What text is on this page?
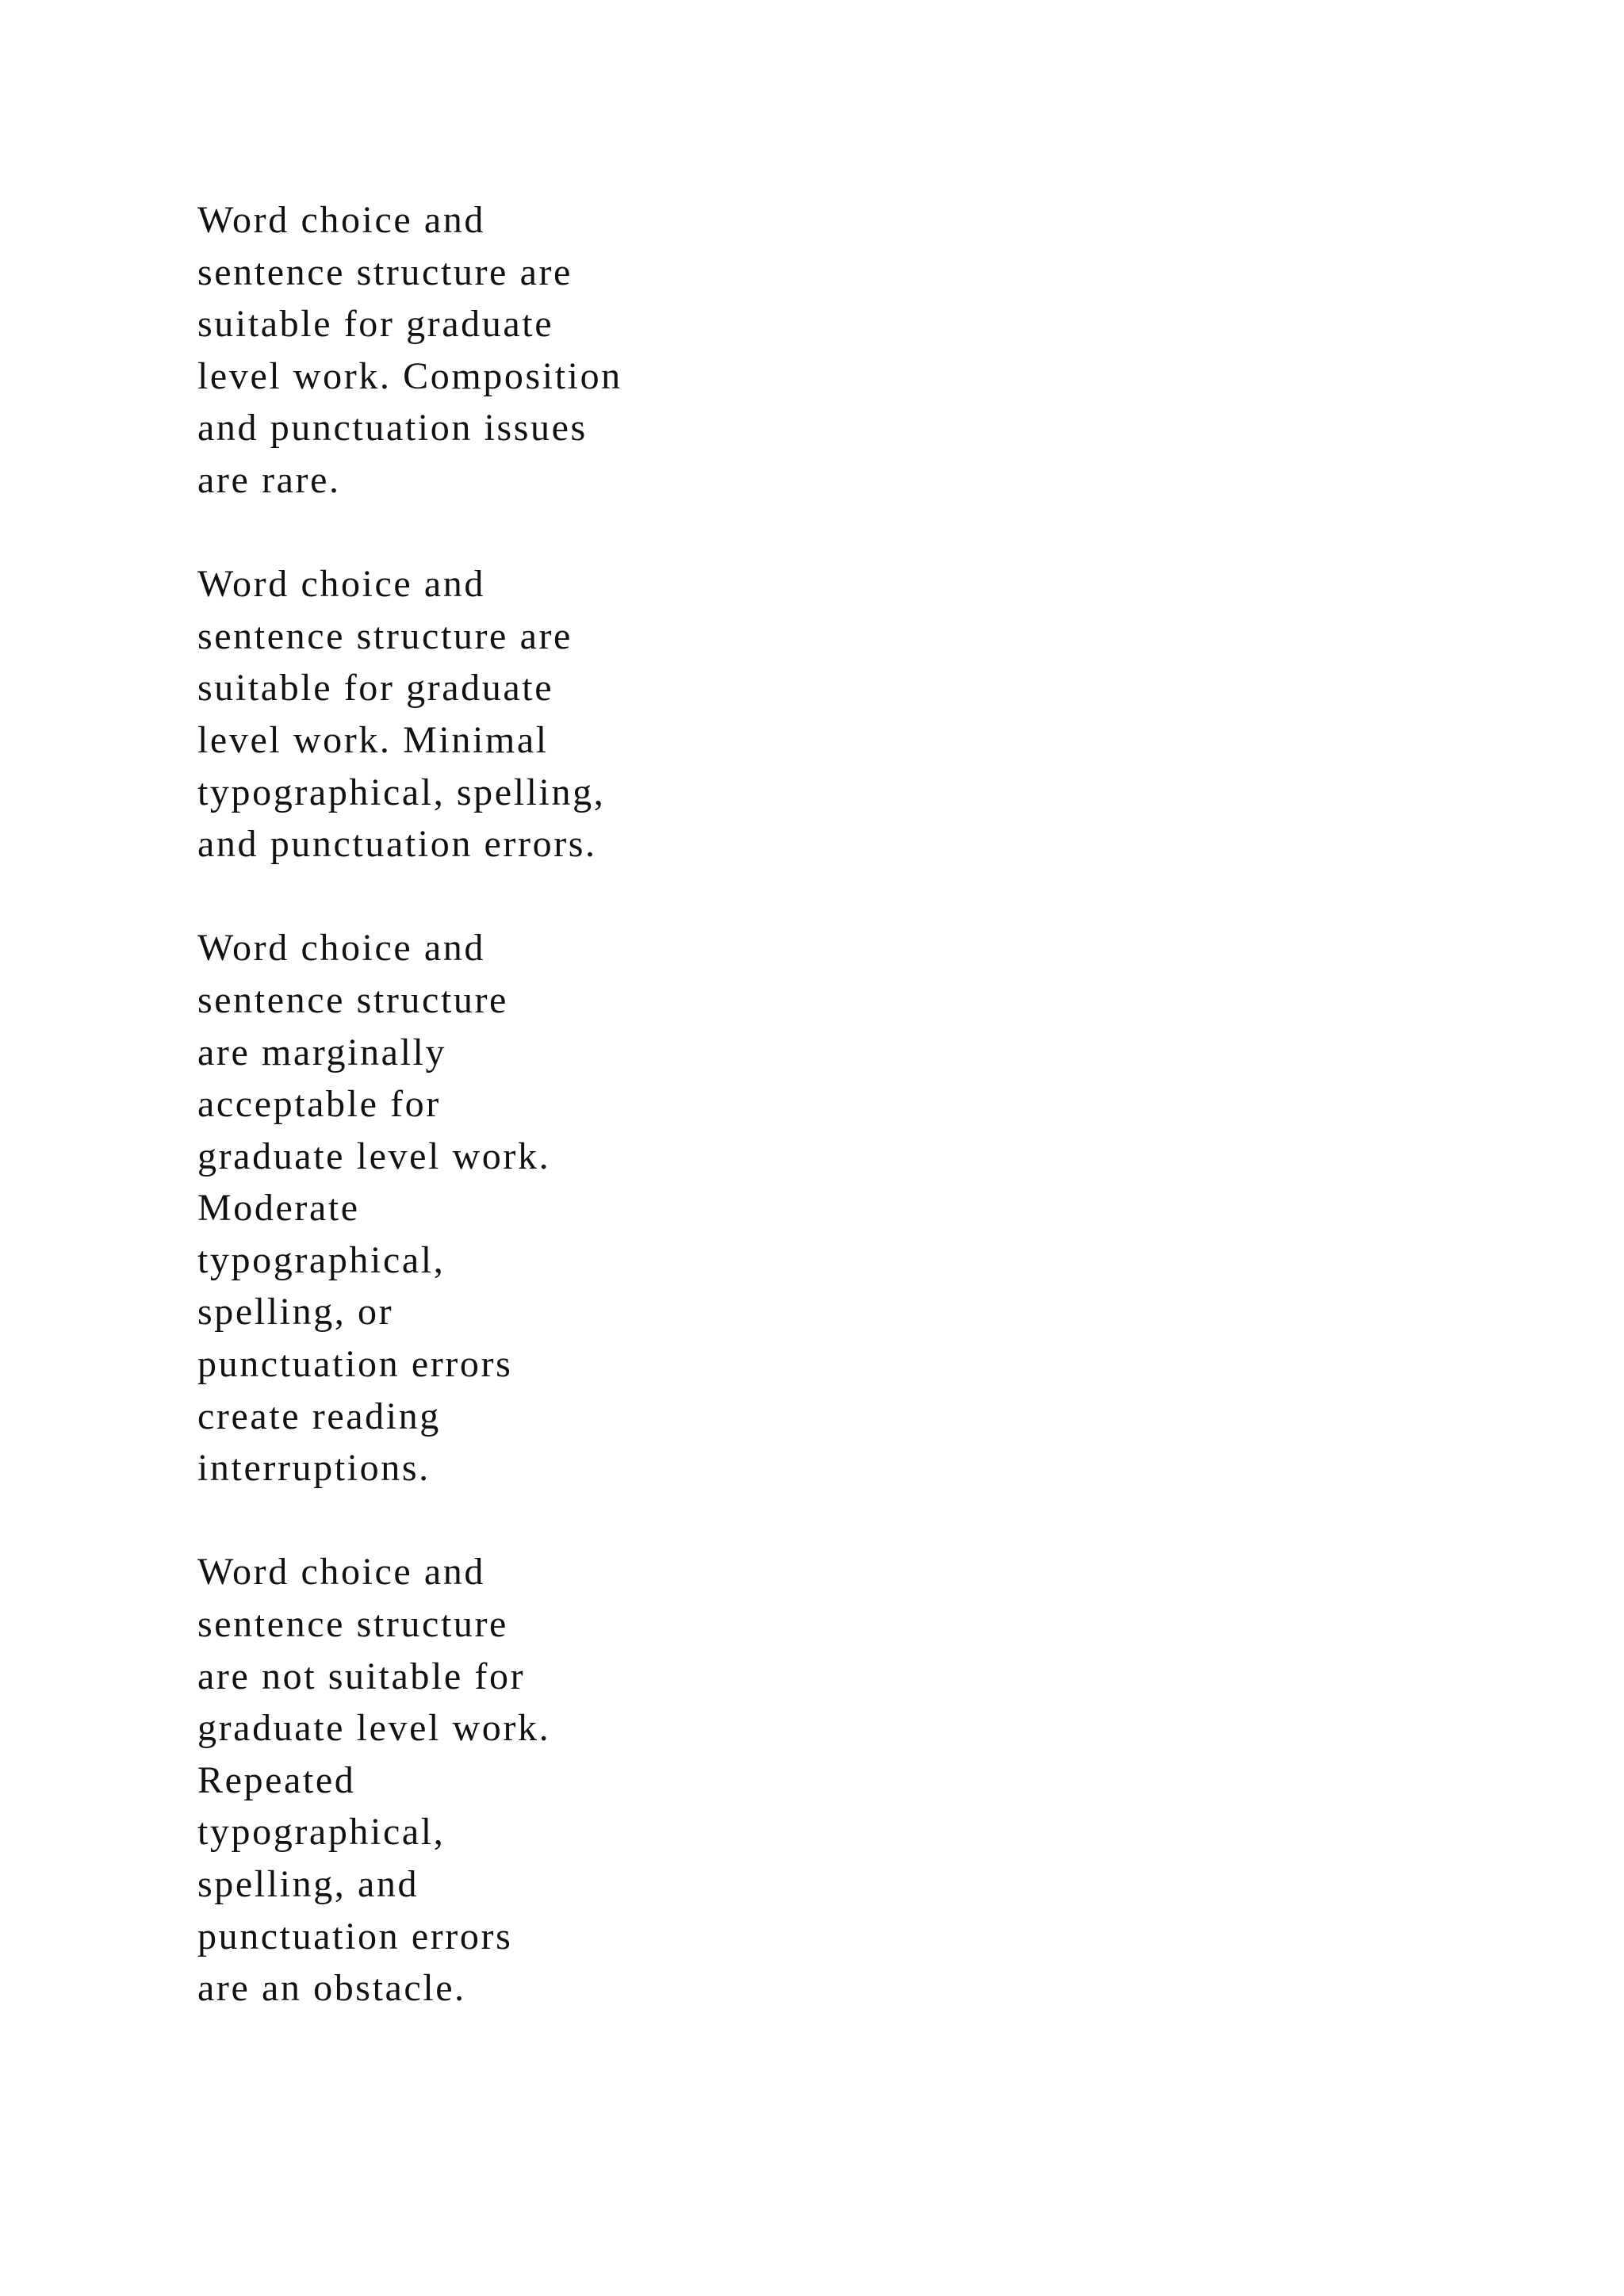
Word choice and
sentence structure are
suitable for graduate
level work. Composition
and punctuation issues
are rare.

Word choice and
sentence structure are
suitable for graduate
level work. Minimal
typographical, spelling,
and punctuation errors.

Word choice and
sentence structure
are marginally
acceptable for
graduate level work.
Moderate
typographical,
spelling, or
punctuation errors
create reading
interruptions.

Word choice and
sentence structure
are not suitable for
graduate level work.
Repeated
typographical,
spelling, and
punctuation errors
are an obstacle.
